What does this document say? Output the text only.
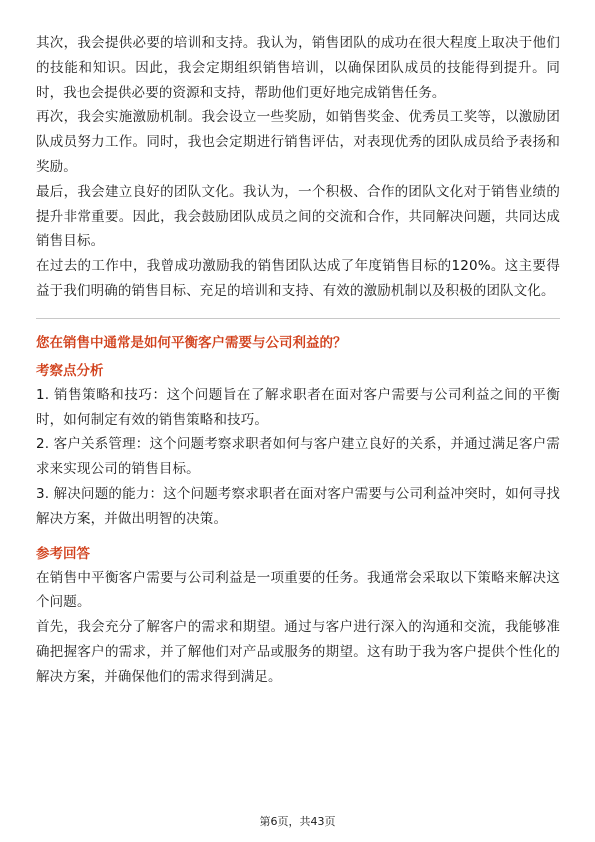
其次，我会提供必要的培训和支持。我认为，销售团队的成功在很大程度上取决于他们的技能和知识。因此，我会定期组织销售培训，以确保团队成员的技能得到提升。同时，我也会提供必要的资源和支持，帮助他们更好地完成销售任务。

再次，我会实施激励机制。我会设立一些奖励，如销售奖金、优秀员工奖等，以激励团队成员努力工作。同时，我也会定期进行销售评估，对表现优秀的团队成员给予表扬和奖励。

最后，我会建立良好的团队文化。我认为，一个积极、合作的团队文化对于销售业绩的提升非常重要。因此，我会鼓励团队成员之间的交流和合作，共同解决问题，共同达成销售目标。

在过去的工作中，我曾成功激励我的销售团队达成了年度销售目标的120%。这主要得益于我们明确的销售目标、充足的培训和支持、有效的激励机制以及积极的团队文化。

您在销售中通常是如何平衡客户需要与公司利益的？

考察点分析

1. 销售策略和技巧：这个问题旨在了解求职者在面对客户需要与公司利益之间的平衡时，如何制定有效的销售策略和技巧。

2. 客户关系管理：这个问题考察求职者如何与客户建立良好的关系，并通过满足客户需求来实现公司的销售目标。

3. 解决问题的能力：这个问题考察求职者在面对客户需要与公司利益冲突时，如何寻找解决方案，并做出明智的决策。

参考回答

在销售中平衡客户需要与公司利益是一项重要的任务。我通常会采取以下策略来解决这个问题。

首先，我会充分了解客户的需求和期望。通过与客户进行深入的沟通和交流，我能够准确把握客户的需求，并了解他们对产品或服务的期望。这有助于我为客户提供个性化的解决方案，并确保他们的需求得到满足。

第6页，共43页
